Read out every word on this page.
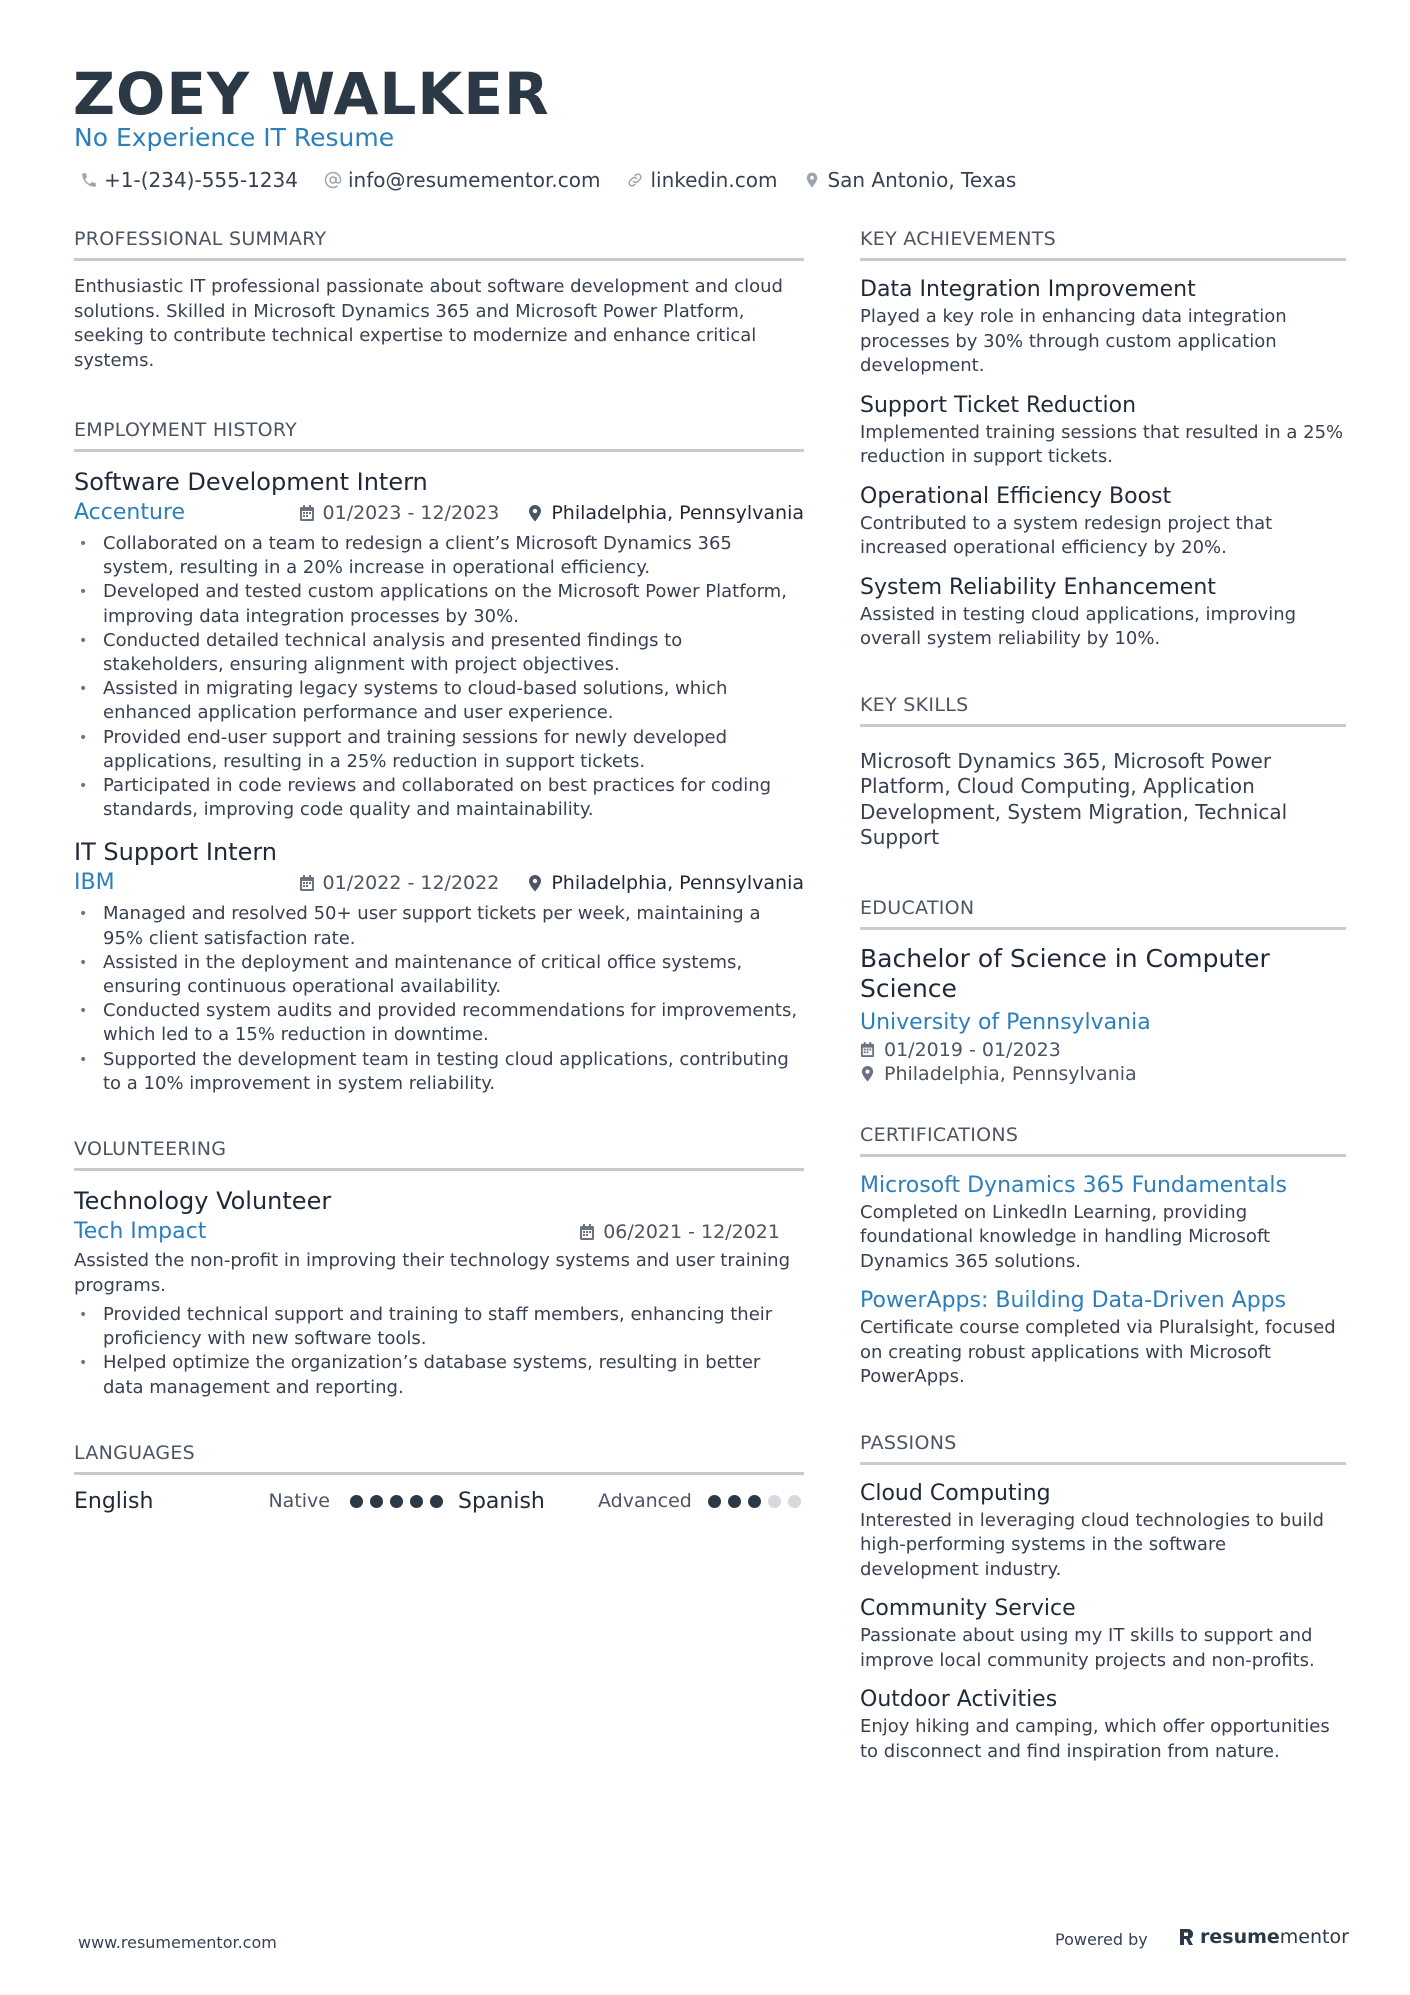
ZOEY WALKER
No Experience IT Resume
+1-(234)-555-1234	info@resumementor.com	linkedin.com	San Antonio, Texas
PROFESSIONAL SUMMARY
Enthusiastic IT professional passionate about software development and cloud solutions. Skilled in Microsoft Dynamics 365 and Microsoft Power Platform, seeking to contribute technical expertise to modernize and enhance critical systems.
EMPLOYMENT HISTORY
Software Development Intern
Accenture	01/2023 - 12/2023	Philadelphia, Pennsylvania
• Collaborated on a team to redesign a client’s Microsoft Dynamics 365 system, resulting in a 20% increase in operational efficiency.
• Developed and tested custom applications on the Microsoft Power Platform, improving data integration processes by 30%.
• Conducted detailed technical analysis and presented findings to stakeholders, ensuring alignment with project objectives.
• Assisted in migrating legacy systems to cloud-based solutions, which enhanced application performance and user experience.
• Provided end-user support and training sessions for newly developed applications, resulting in a 25% reduction in support tickets.
• Participated in code reviews and collaborated on best practices for coding standards, improving code quality and maintainability.
IT Support Intern
IBM	01/2022 - 12/2022	Philadelphia, Pennsylvania
• Managed and resolved 50+ user support tickets per week, maintaining a 95% client satisfaction rate.
• Assisted in the deployment and maintenance of critical office systems, ensuring continuous operational availability.
• Conducted system audits and provided recommendations for improvements, which led to a 15% reduction in downtime.
• Supported the development team in testing cloud applications, contributing to a 10% improvement in system reliability.
VOLUNTEERING
Technology Volunteer
Tech Impact	06/2021 - 12/2021
Assisted the non-profit in improving their technology systems and user training programs.
• Provided technical support and training to staff members, enhancing their proficiency with new software tools.
• Helped optimize the organization’s database systems, resulting in better data management and reporting.
LANGUAGES
English	Native	Spanish	Advanced
KEY ACHIEVEMENTS
Data Integration Improvement
Played a key role in enhancing data integration processes by 30% through custom application development.
Support Ticket Reduction
Implemented training sessions that resulted in a 25% reduction in support tickets.
Operational Efficiency Boost
Contributed to a system redesign project that increased operational efficiency by 20%.
System Reliability Enhancement
Assisted in testing cloud applications, improving overall system reliability by 10%.
KEY SKILLS
Microsoft Dynamics 365, Microsoft Power Platform, Cloud Computing, Application Development, System Migration, Technical Support
EDUCATION
Bachelor of Science in Computer Science
University of Pennsylvania
01/2019 - 01/2023
Philadelphia, Pennsylvania
CERTIFICATIONS
Microsoft Dynamics 365 Fundamentals
Completed on LinkedIn Learning, providing foundational knowledge in handling Microsoft Dynamics 365 solutions.
PowerApps: Building Data-Driven Apps
Certificate course completed via Pluralsight, focused on creating robust applications with Microsoft PowerApps.
PASSIONS
Cloud Computing
Interested in leveraging cloud technologies to build high-performing systems in the software development industry.
Community Service
Passionate about using my IT skills to support and improve local community projects and non-profits.
Outdoor Activities
Enjoy hiking and camping, which offer opportunities to disconnect and find inspiration from nature.
www.resumementor.com	Powered by	resume mentor
